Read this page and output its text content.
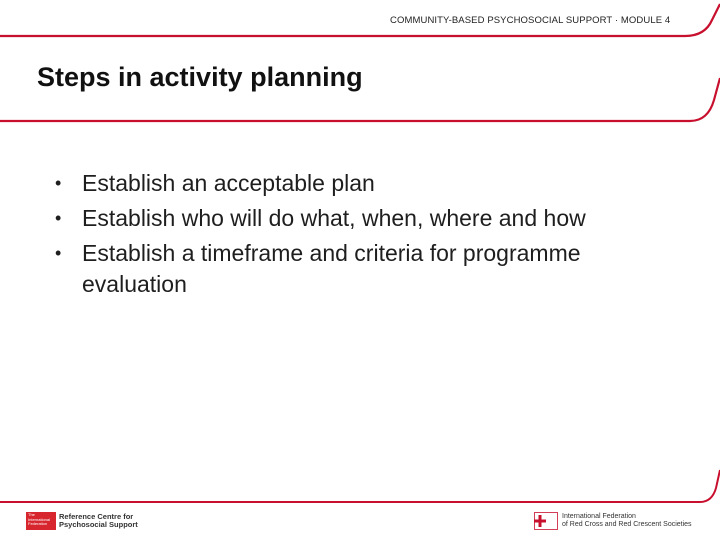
COMMUNITY-BASED PSYCHOSOCIAL SUPPORT · MODULE 4
Steps in activity planning
• Establish an acceptable plan
• Establish who will do what, when, where and how
• Establish a timeframe and criteria for programme evaluation
The International Federation
Reference Centre for
Psychosocial Support
International Federation
of Red Cross and Red Crescent Societies
